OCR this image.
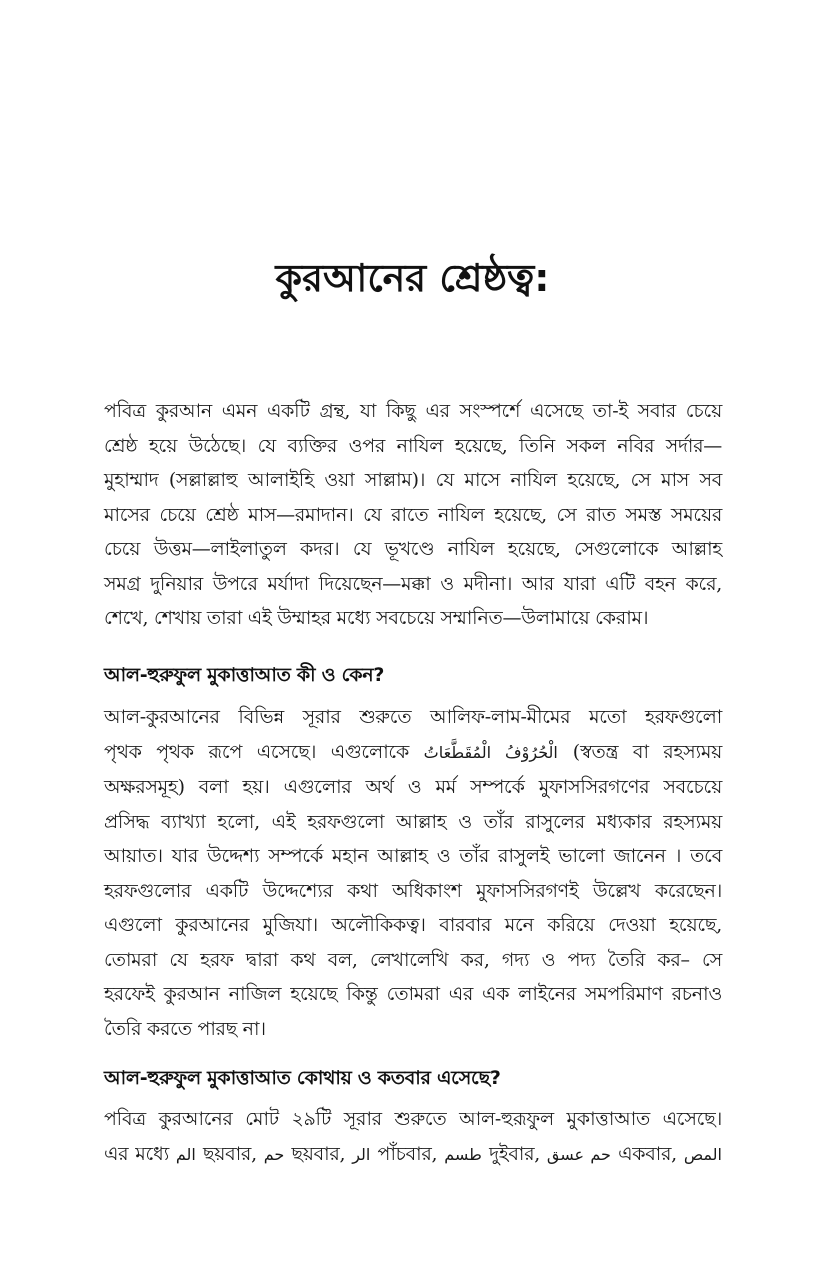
কুরআনের শ্রেষ্ঠত্ব:
পবিত্র কুরআন এমন একটি গ্রন্থ, যা কিছু এর সংস্পর্শে এসেছে তা-ই সবার চেয়ে
শ্রেষ্ঠ হয়ে উঠেছে। যে ব্যক্তির ওপর নাযিল হয়েছে, তিনি সকল নবির সর্দার—
মুহাম্মাদ (সল্লাল্লাহু আলাইহি ওয়া সাল্লাম)। যে মাসে নাযিল হয়েছে, সে মাস সব
মাসের চেয়ে শ্রেষ্ঠ মাস—রমাদান। যে রাতে নাযিল হয়েছে, সে রাত সমস্ত সময়ের
চেয়ে উত্তম—লাইলাতুল কদর। যে ভূখণ্ডে নাযিল হয়েছে, সেগুলোকে আল্লাহ
সমগ্র দুনিয়ার উপরে মর্যাদা দিয়েছেন—মক্কা ও মদীনা। আর যারা এটি বহন করে,
শেখে, শেখায় তারা এই উম্মাহর মধ্যে সবচেয়ে সম্মানিত—উলামায়ে কেরাম।
আল-হুরুফুল মুকাত্তাআত কী ও কেন?
আল-কুরআনের বিভিন্ন সূরার শুরুতে আলিফ-লাম-মীমের মতো হরফগুলো
পৃথক পৃথক রূপে এসেছে। এগুলোকে الْحُرُوْفُ الْمُقَطَّعَاتُ (স্বতন্ত্র বা রহস্যময়
অক্ষরসমূহ) বলা হয়। এগুলোর অর্থ ও মর্ম সম্পর্কে মুফাসসিরগণের সবচেয়ে
প্রসিদ্ধ ব্যাখ্যা হলো, এই হরফগুলো আল্লাহ ও তাঁর রাসুলের মধ্যকার রহস্যময়
আয়াত। যার উদ্দেশ্য সম্পর্কে মহান আল্লাহ ও তাঁর রাসুলই ভালো জানেন । তবে
হরফগুলোর একটি উদ্দেশ্যের কথা অধিকাংশ মুফাসসিরগণই উল্লেখ করেছেন।
এগুলো কুরআনের মুজিযা। অলৌকিকত্ব। বারবার মনে করিয়ে দেওয়া হয়েছে,
তোমরা যে হরফ দ্বারা কথ বল, লেখালেখি কর, গদ্য ও পদ্য তৈরি কর– সে
হরফেই কুরআন নাজিল হয়েছে কিন্তু তোমরা এর এক লাইনের সমপরিমাণ রচনাও
তৈরি করতে পারছ না।
আল-হুরুফুল মুকাত্তাআত কোথায় ও কতবার এসেছে?
পবিত্র কুরআনের মোট ২৯টি সূরার শুরুতে আল-হুরূফুল মুকাত্তাআত এসেছে।
এর মধ্যে الم ছয়বার, حم ছয়বার, الر পাঁচবার, طسم দুইবার, حم عسق একবার, المص
